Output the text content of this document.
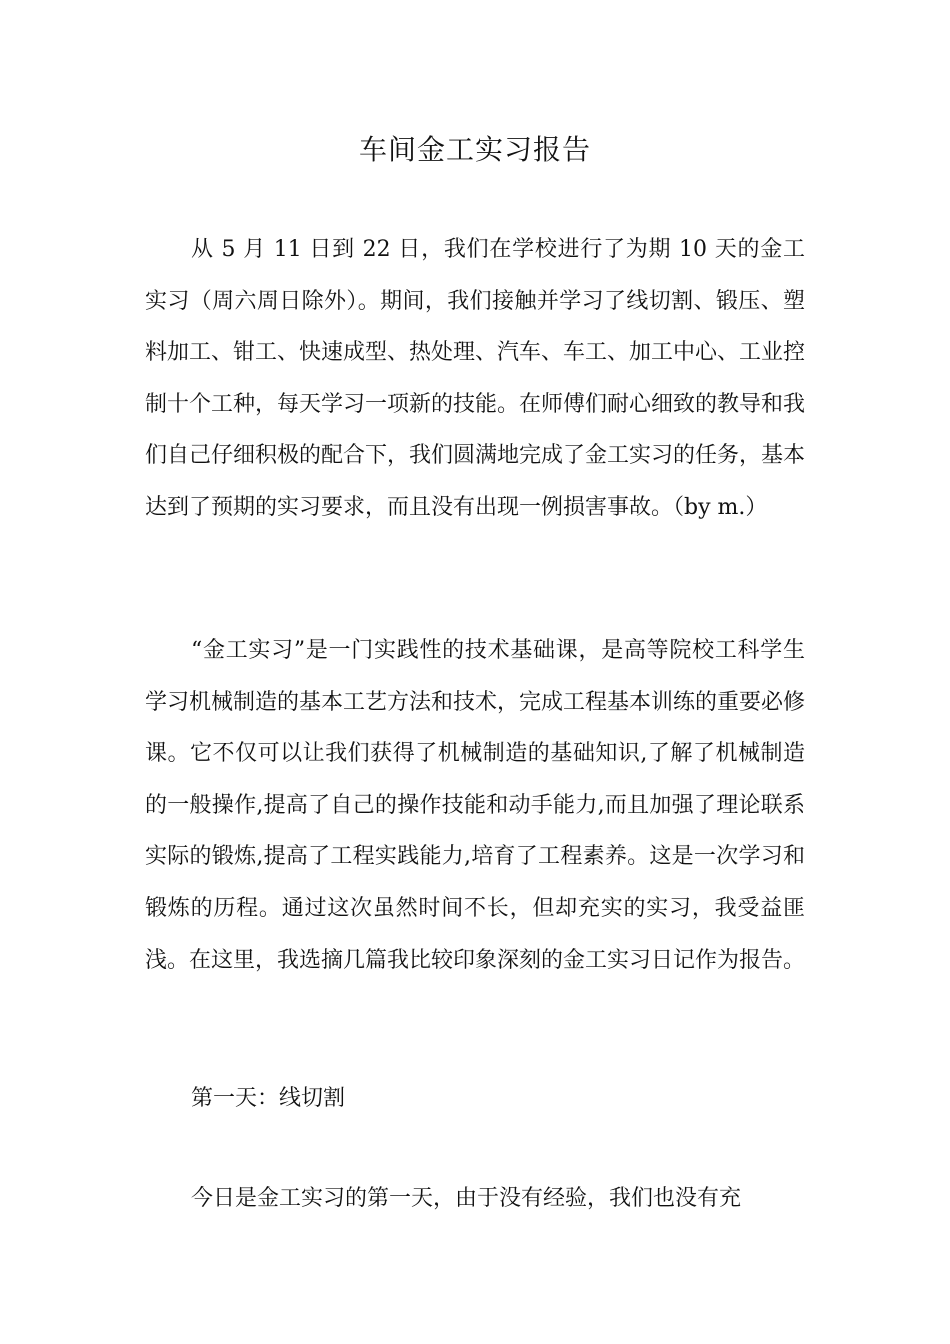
车间金工实习报告

从 5 月 11 日到 22 日，我们在学校进行了为期 10 天的金工实习（周六周日除外）。期间，我们接触并学习了线切割、锻压、塑料加工、钳工、快速成型、热处理、汽车、车工、加工中心、工业控制十个工种，每天学习一项新的技能。在师傅们耐心细致的教导和我们自己仔细积极的配合下，我们圆满地完成了金工实习的任务，基本达到了预期的实习要求，而且没有出现一例损害事故。（by m.）

“金工实习”是一门实践性的技术基础课，是高等院校工科学生学习机械制造的基本工艺方法和技术，完成工程基本训练的重要必修课。它不仅可以让我们获得了机械制造的基础知识,了解了机械制造的一般操作,提高了自己的操作技能和动手能力,而且加强了理论联系实际的锻炼,提高了工程实践能力,培育了工程素养。这是一次学习和锻炼的历程。通过这次虽然时间不长，但却充实的实习，我受益匪浅。在这里，我选摘几篇我比较印象深刻的金工实习日记作为报告。

第一天：线切割

今日是金工实习的第一天，由于没有经验，我们也没有充
